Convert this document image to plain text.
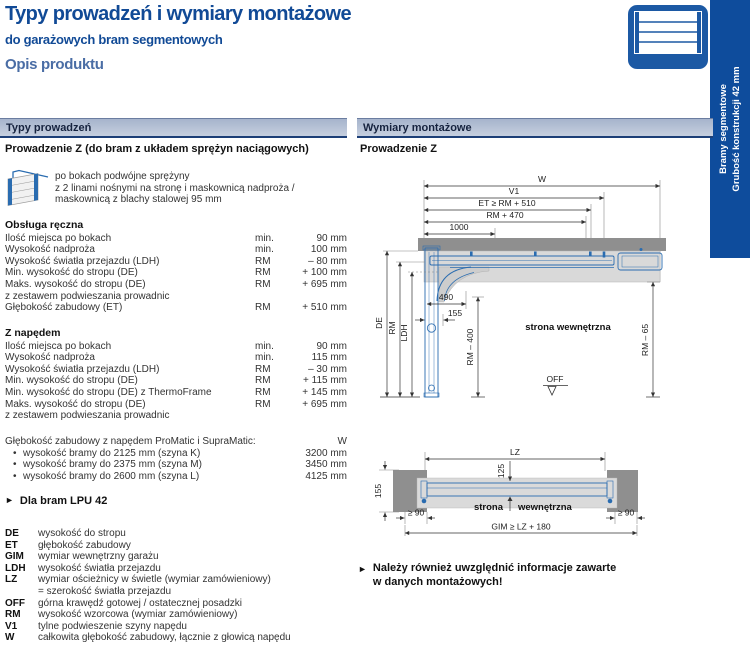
Typy prowadzeń i wymiary montażowe
do garażowych bram segmentowych
Opis produktu
Bramy segmentowe Grubość konstrukcji 42 mm
Typy prowadzeń	Wymiary montażowe
Prowadzenie Z (do bram z układem sprężyn naciągowych)	Prowadzenie Z
po bokach podwójne sprężyny
z 2 linami nośnymi na stronę i maskownicą nadproża /
maskownicą z blachy stalowej 95 mm
Obsługa ręczna
Ilość miejsca po bokach	min.	90 mm
Wysokość nadproża	min.	100 mm
Wysokość światła przejazdu (LDH)	RM	– 80 mm
Min. wysokość do stropu (DE)	RM	+ 100 mm
Maks. wysokość do stropu (DE)	RM	+ 695 mm
z zestawem podwieszania prowadnic
Głębokość zabudowy (ET)	RM	+ 510 mm
Z napędem
Ilość miejsca po bokach	min.	90 mm
Wysokość nadproża	min.	115 mm
Wysokość światła przejazdu (LDH)	RM	– 30 mm
Min. wysokość do stropu (DE)	RM	+ 115 mm
Min. wysokość do stropu (DE) z ThermoFrame	RM	+ 145 mm
Maks. wysokość do stropu (DE)	RM	+ 695 mm
z zestawem podwieszania prowadnic
Głębokość zabudowy z napędem ProMatic i SupraMatic:	W
• wysokość bramy do 2125 mm (szyna K)	3200 mm
• wysokość bramy do 2375 mm (szyna M)	3450 mm
• wysokość bramy do 2600 mm (szyna L)	4125 mm
► Dla bram LPU 42
DE	wysokość do stropu
ET	głębokość zabudowy
GIM	wymiar wewnętrzny garażu
LDH	wysokość światła przejazdu
LZ	wymiar ościeżnicy w świetle (wymiar zamówieniowy)
= szerokość światła przejazdu
OFF	górna krawędź gotowej / ostatecznej posadzki
RM	wysokość wzorcowa (wymiar zamówieniowy)
V1	tylne podwieszenie szyny napędu
W	całkowita głębokość zabudowy, łącznie z głowicą napędu
W
V1
ET ≥ RM + 510
RM + 470
1000
490
155
RM – 400
DE RM LDH	RM – 65
strona wewnętrzna
OFF
LZ
125
strona wewnętrzna
155
≥ 90	≥ 90
GIM ≥ LZ + 180
► Należy również uwzględnić informacje zawarte
w danych montażowych!
